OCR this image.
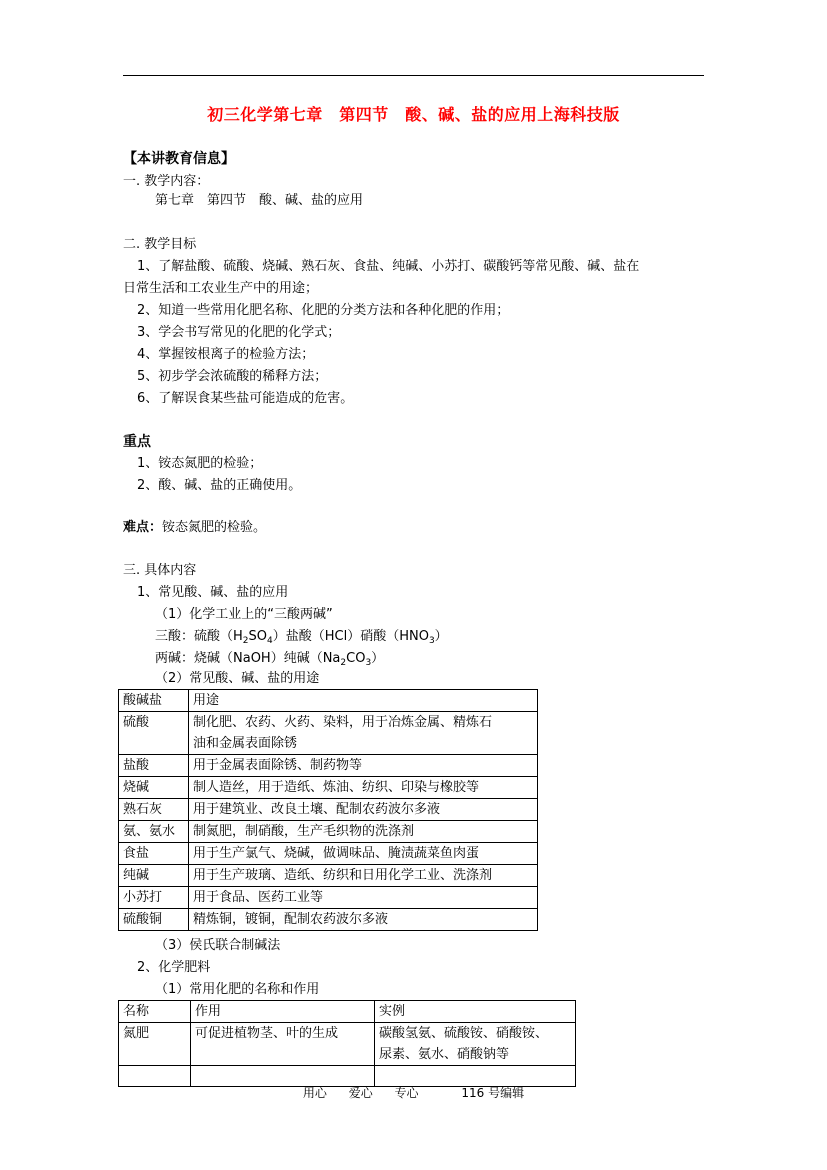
初三化学第七章　第四节　酸、碱、盐的应用上海科技版
【本讲教育信息】
一. 教学内容：
第七章　第四节　酸、碱、盐的应用
二. 教学目标
1、了解盐酸、硫酸、烧碱、熟石灰、食盐、纯碱、小苏打、碳酸钙等常见酸、碱、盐在
日常生活和工农业生产中的用途；
2、知道一些常用化肥名称、化肥的分类方法和各种化肥的作用；
3、学会书写常见的化肥的化学式；
4、掌握铵根离子的检验方法；
5、初步学会浓硫酸的稀释方法；
6、了解误食某些盐可能造成的危害。
重点
1、铵态氮肥的检验；
2、酸、碱、盐的正确使用。
难点：铵态氮肥的检验。
三. 具体内容
1、常见酸、碱、盐的应用
（1）化学工业上的“三酸两碱”
三酸：硫酸$(H_2SO_4)$盐酸（HCl）硝酸$(HNO_3)$
两碱：烧碱（NaOH）纯碱$(Na_2CO_3)$
（2）常见酸、碱、盐的用途
酸碱盐	用途
硫酸	制化肥、农药、火药、染料，用于冶炼金属、精炼石
油和金属表面除锈

盐酸	用于金属表面除锈、制药物等
烧碱	制人造丝，用于造纸、炼油、纺织、印染与橡胶等
熟石灰	用于建筑业、改良土壤、配制农药波尔多液
氨、氨水	制氮肥，制硝酸，生产毛织物的洗涤剂
食盐	用于生产氯气、烧碱，做调味品、腌渍蔬菜鱼肉蛋
纯碱	用于生产玻璃、造纸、纺织和日用化学工业、洗涤剂
小苏打	用于食品、医药工业等
硫酸铜	精炼铜，镀铜，配制农药波尔多液
（3）侯氏联合制碱法
2、化学肥料
（1）常用化肥的名称和作用
名称	作用	实例
氮肥	可促进植物茎、叶的生成	碳酸氢氨、硫酸铵、硝酸铵、
尿素、氨水、硝酸钠等

用心 爱心 专心	116 号编辑
